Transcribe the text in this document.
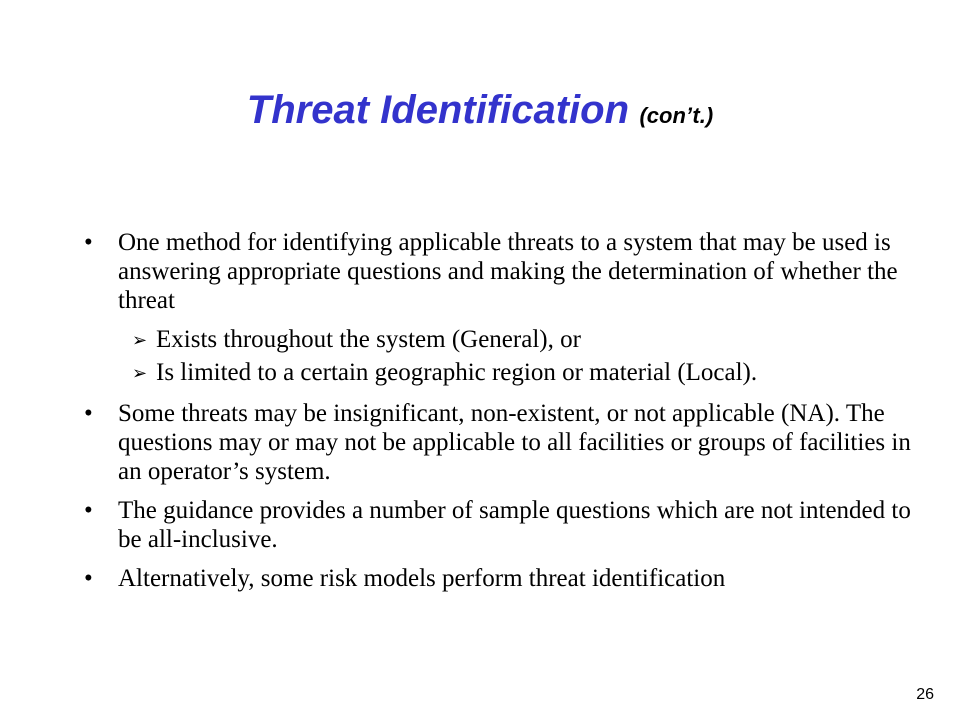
Threat Identification (con’t.)
• One method for identifying applicable threats to a system that may be used is answering appropriate questions and making the determination of whether the threat
➢ Exists throughout the system (General), or
➢ Is limited to a certain geographic region or material (Local).
• Some threats may be insignificant, non-existent, or not applicable (NA). The questions may or may not be applicable to all facilities or groups of facilities in an operator’s system.
• The guidance provides a number of sample questions which are not intended to be all-inclusive.
• Alternatively, some risk models perform threat identification
26
